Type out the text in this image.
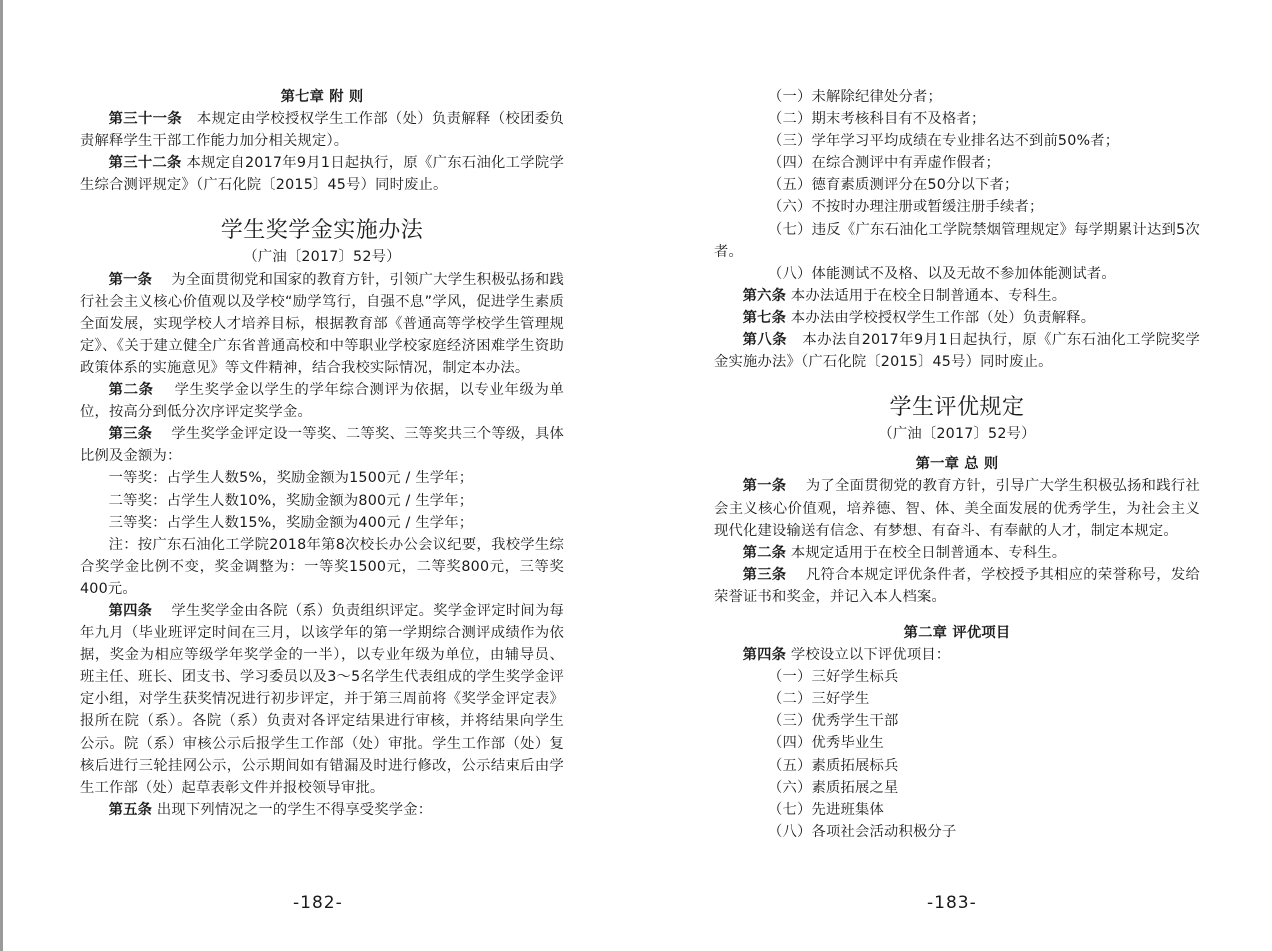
第七章 附 则

第三十一条 本规定由学校授权学生工作部（处）负责解释（校团委负责解释学生干部工作能力加分相关规定）。

第三十二条 本规定自2017年9月1日起执行，原《广东石油化工学院学生综合测评规定》（广石化院〔2015〕45号）同时废止。

学生奖学金实施办法

（广油〔2017〕52号）

第一条 为全面贯彻党和国家的教育方针，引领广大学生积极弘扬和践行社会主义核心价值观以及学校“励学笃行，自强不息”学风，促进学生素质全面发展，实现学校人才培养目标，根据教育部《普通高等学校学生管理规定》、《关于建立健全广东省普通高校和中等职业学校家庭经济困难学生资助政策体系的实施意见》等文件精神，结合我校实际情况，制定本办法。

第二条 学生奖学金以学生的学年综合测评为依据，以专业年级为单位，按高分到低分次序评定奖学金。

第三条 学生奖学金评定设一等奖、二等奖、三等奖共三个等级，具体比例及金额为：

一等奖：占学生人数5%，奖励金额为1500元 / 生学年；

二等奖：占学生人数10%，奖励金额为800元 / 生学年；

三等奖：占学生人数15%，奖励金额为400元 / 生学年；

注：按广东石油化工学院2018年第8次校长办公会议纪要，我校学生综合奖学金比例不变，奖金调整为：一等奖1500元，二等奖800元，三等奖400元。

第四条 学生奖学金由各院（系）负责组织评定。奖学金评定时间为每年九月（毕业班评定时间在三月，以该学年的第一学期综合测评成绩作为依据，奖金为相应等级学年奖学金的一半），以专业年级为单位，由辅导员、班主任、班长、团支书、学习委员以及3～5名学生代表组成的学生奖学金评定小组，对学生获奖情况进行初步评定，并于第三周前将《奖学金评定表》报所在院（系）。各院（系）负责对各评定结果进行审核，并将结果向学生公示。院（系）审核公示后报学生工作部（处）审批。学生工作部（处）复核后进行三轮挂网公示，公示期间如有错漏及时进行修改，公示结束后由学生工作部（处）起草表彰文件并报校领导审批。

第五条 出现下列情况之一的学生不得享受奖学金：

-182-

（一）未解除纪律处分者；

（二）期末考核科目有不及格者；

（三）学年学习平均成绩在专业排名达不到前50%者；

（四）在综合测评中有弄虚作假者；

（五）德育素质测评分在50分以下者；

（六）不按时办理注册或暂缓注册手续者；

（七）违反《广东石油化工学院禁烟管理规定》每学期累计达到5次者。

（八）体能测试不及格、以及无故不参加体能测试者。

第六条 本办法适用于在校全日制普通本、专科生。

第七条 本办法由学校授权学生工作部（处）负责解释。

第八条 本办法自2017年9月1日起执行，原《广东石油化工学院奖学金实施办法》（广石化院〔2015〕45号）同时废止。

学生评优规定

（广油〔2017〕52号）

第一章 总 则

第一条 为了全面贯彻党的教育方针，引导广大学生积极弘扬和践行社会主义核心价值观，培养德、智、体、美全面发展的优秀学生，为社会主义现代化建设输送有信念、有梦想、有奋斗、有奉献的人才，制定本规定。

第二条 本规定适用于在校全日制普通本、专科生。

第三条 凡符合本规定评优条件者，学校授予其相应的荣誉称号，发给荣誉证书和奖金，并记入本人档案。

第二章 评优项目

第四条 学校设立以下评优项目：

（一）三好学生标兵

（二）三好学生

（三）优秀学生干部

（四）优秀毕业生

（五）素质拓展标兵

（六）素质拓展之星

（七）先进班集体

（八）各项社会活动积极分子

-183-
